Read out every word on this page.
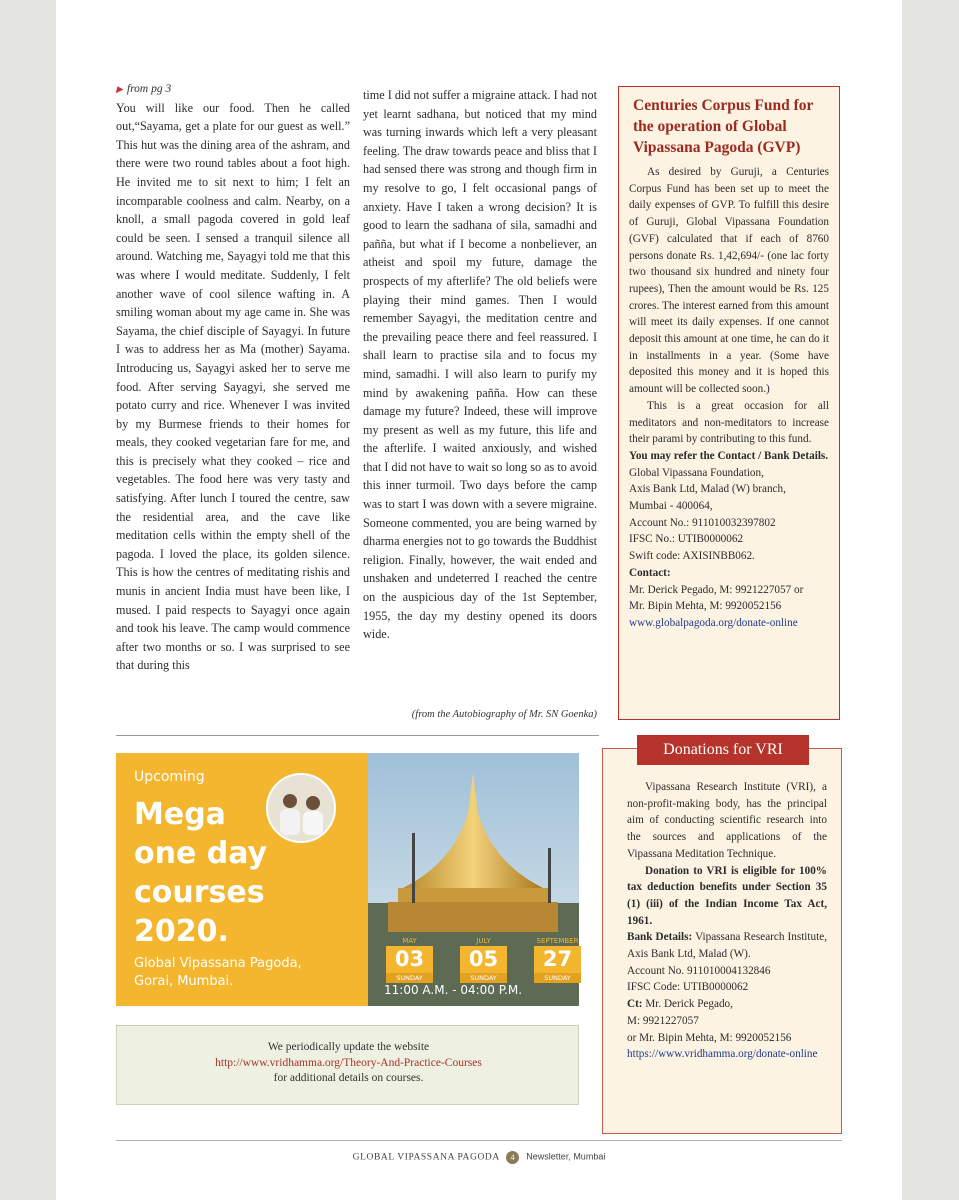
▶ from pg 3

You will like our food. Then he called out,“Sayama, get a plate for our guest as well.” This hut was the dining area of the ashram, and there were two round tables about a foot high. He invited me to sit next to him; I felt an incomparable coolness and calm. Nearby, on a knoll, a small pagoda covered in gold leaf could be seen. I sensed a tranquil silence all around. Watching me, Sayagyi told me that this was where I would meditate. Suddenly, I felt another wave of cool silence wafting in. A smiling woman about my age came in. She was Sayama, the chief disciple of Sayagyi. In future I was to address her as Ma (mother) Sayama. Introducing us, Sayagyi asked her to serve me food. After serving Sayagyi, she served me potato curry and rice. Whenever I was invited by my Burmese friends to their homes for meals, they cooked vegetarian fare for me, and this is precisely what they cooked – rice and vegetables. The food here was very tasty and satisfying. After lunch I toured the centre, saw the residential area, and the cave like meditation cells within the empty shell of the pagoda. I loved the place, its golden silence. This is how the centres of meditating rishis and munis in ancient India must have been like, I mused. I paid respects to Sayagyi once again and took his leave. The camp would commence after two months or so. I was surprised to see that during this

time I did not suffer a migraine attack. I had not yet learnt sadhana, but noticed that my mind was turning inwards which left a very pleasant feeling. The draw towards peace and bliss that I had sensed there was strong and though firm in my resolve to go, I felt occasional pangs of anxiety. Have I taken a wrong decision? It is good to learn the sadhana of sila, samadhi and pañña, but what if I become a nonbeliever, an atheist and spoil my future, damage the prospects of my afterlife? The old beliefs were playing their mind games. Then I would remember Sayagyi, the meditation centre and the prevailing peace there and feel reassured. I shall learn to practise sila and to focus my mind, samadhi. I will also learn to purify my mind by awakening pañña. How can these damage my future? Indeed, these will improve my present as well as my future, this life and the afterlife. I waited anxiously, and wished that I did not have to wait so long so as to avoid this inner turmoil. Two days before the camp was to start I was down with a severe migraine. Someone commented, you are being warned by dharma energies not to go towards the Buddhist religion. Finally, however, the wait ended and unshaken and undeterred I reached the centre on the auspicious day of the 1st September, 1955, the day my destiny opened its doors wide.

(from the Autobiography of Mr. SN Goenka)
Centuries Corpus Fund for the operation of Global Vipassana Pagoda (GVP)

As desired by Guruji, a Centuries Corpus Fund has been set up to meet the daily expenses of GVP. To fulfill this desire of Guruji, Global Vipassana Foundation (GVF) calculated that if each of 8760 persons donate Rs. 1,42,694/- (one lac forty two thousand six hundred and ninety four rupees), Then the amount would be Rs. 125 crores. The interest earned from this amount will meet its daily expenses. If one cannot deposit this amount at one time, he can do it in installments in a year. (Some have deposited this money and it is hoped this amount will be collected soon.)

This is a great occasion for all meditators and non-meditators to increase their parami by contributing to this fund.

You may refer the Contact / Bank Details.

Global Vipassana Foundation,

Axis Bank Ltd, Malad (W) branch,

Mumbai - 400064,

Account No.: 911010032397802

IFSC No.: UTIB0000062

Swift code: AXISINBB062.

Contact:

Mr. Derick Pegado, M: 9921227057 or

Mr. Bipin Mehta, M: 9920052156

www.globalpagoda.org/donate-online

Upcoming
Mega
one day
courses
2020.
Global Vipassana Pagoda,
Gorai, Mumbai.
MAY
03
SUNDAY
JULY
05
SUNDAY
SEPTEMBER
27
SUNDAY
11:00 A.M. - 04:00 P.M.
We periodically update the website
http://www.vridhamma.org/Theory-And-Practice-Courses
for additional details on courses.
Donations for VRI

Vipassana Research Institute (VRI), a non-profit-making body, has the principal aim of conducting scientific research into the sources and applications of the Vipassana Meditation Technique.

Donation to VRI is eligible for 100% tax deduction benefits under Section 35 (1) (iii) of the Indian Income Tax Act, 1961.

Bank Details: Vipassana Research Institute, Axis Bank Ltd, Malad (W).

Account No. 911010004132846

IFSC Code: UTIB0000062

Ct: Mr. Derick Pegado,

M: 9921227057

or Mr. Bipin Mehta, M: 9920052156

https://www.vridhamma.org/donate-online

GLOBAL VIPASSANA PAGODA 4 Newsletter, Mumbai
